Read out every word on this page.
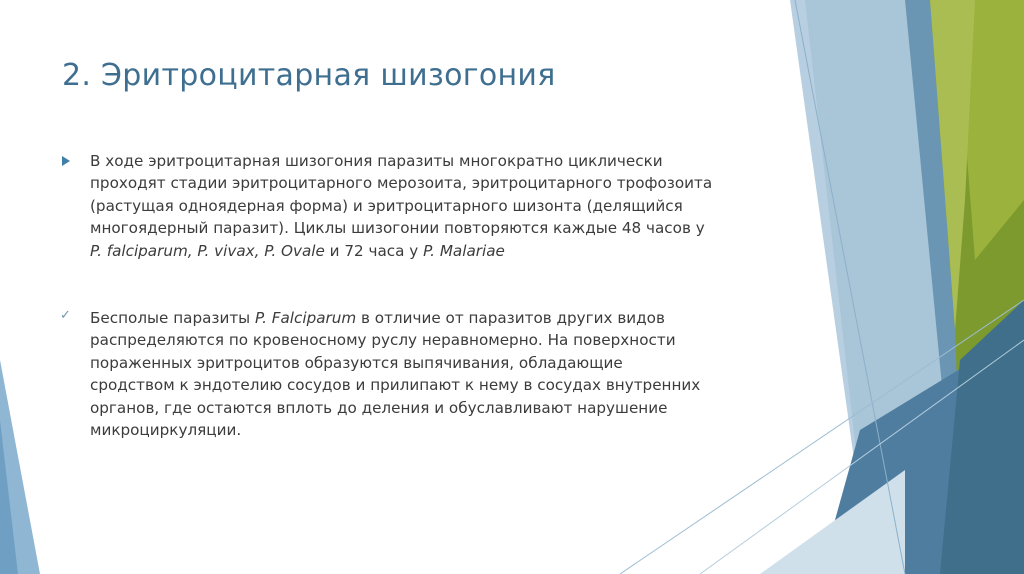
2. Эритроцитарная шизогония
В ходе эритроцитарная шизогония паразиты многократно циклически
проходят стадии эритроцитарного мерозоита, эритроцитарного трофозоита
(растущая одноядерная форма) и эритроцитарного шизонта (делящийся
многоядерный паразит). Циклы шизогонии повторяются каждые 48 часов у
P. falciparum, P. vivax, P. Ovale и 72 часа у P. Malariae
✓ Бесполые паразиты P. Falciparum в отличие от паразитов других видов
распределяются по кровеносному руслу неравномерно. На поверхности
пораженных эритроцитов образуются выпячивания, обладающие
сродством к эндотелию сосудов и прилипают к нему в сосудах внутренних
органов, где остаются вплоть до деления и обуславливают нарушение
микроциркуляции.
